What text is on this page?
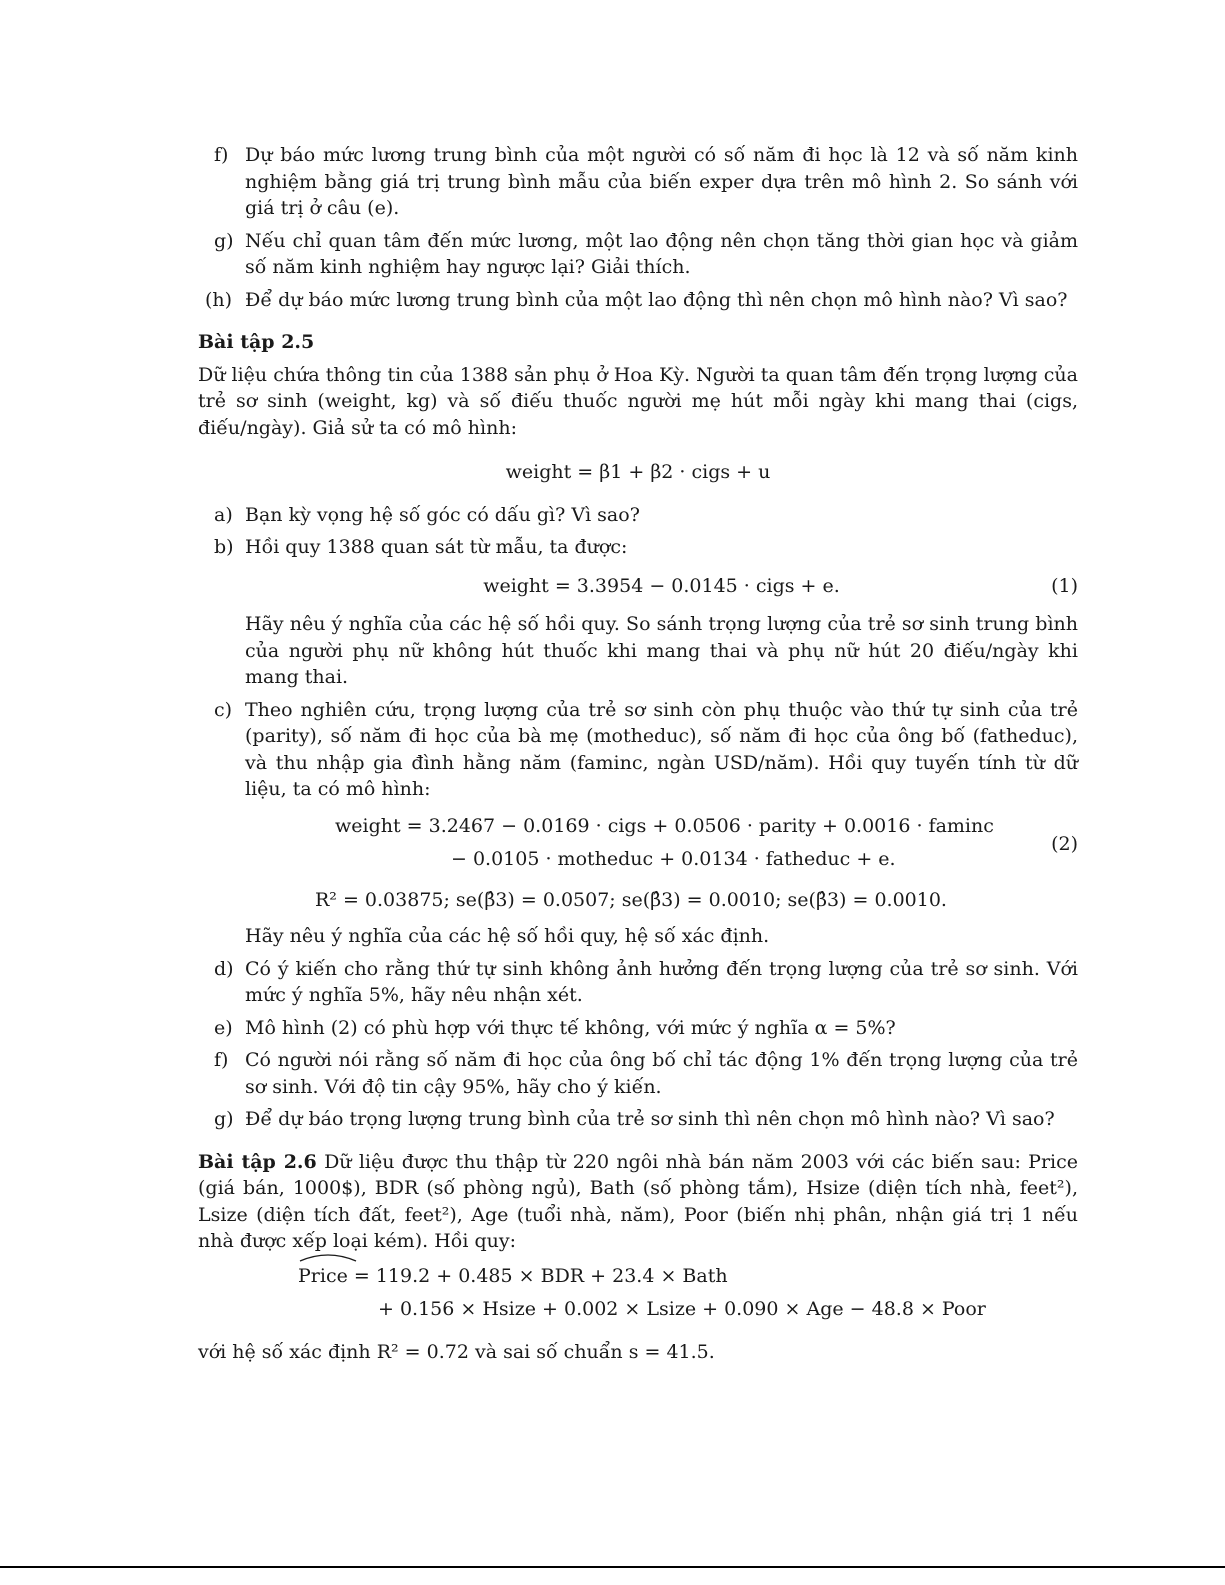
f) Dự báo mức lương trung bình của một người có số năm đi học là 12 và số năm kinh nghiệm bằng giá trị trung bình mẫu của biến exper dựa trên mô hình 2. So sánh với giá trị ở câu (e).
g) Nếu chỉ quan tâm đến mức lương, một lao động nên chọn tăng thời gian học và giảm số năm kinh nghiệm hay ngược lại? Giải thích.
(h) Để dự báo mức lương trung bình của một lao động thì nên chọn mô hình nào? Vì sao?

Bài tập 2.5

Dữ liệu chứa thông tin của 1388 sản phụ ở Hoa Kỳ. Người ta quan tâm đến trọng lượng của trẻ sơ sinh (weight, kg) và số điếu thuốc người mẹ hút mỗi ngày khi mang thai (cigs, điếu/ngày). Giả sử ta có mô hình:

weight = β1 + β2 · cigs + u
a) Bạn kỳ vọng hệ số góc có dấu gì? Vì sao?
b) Hồi quy 1388 quan sát từ mẫu, ta được:
weight = 3.3954 − 0.0145 · cigs + e.	(1)
Hãy nêu ý nghĩa của các hệ số hồi quy. So sánh trọng lượng của trẻ sơ sinh trung bình của người phụ nữ không hút thuốc khi mang thai và phụ nữ hút 20 điếu/ngày khi mang thai.
c) Theo nghiên cứu, trọng lượng của trẻ sơ sinh còn phụ thuộc vào thứ tự sinh của trẻ (parity), số năm đi học của bà mẹ (motheduc), số năm đi học của ông bố (fatheduc), và thu nhập gia đình hằng năm (faminc, ngàn USD/năm). Hồi quy tuyến tính từ dữ liệu, ta có mô hình:
weight = 3.2467 − 0.0169 · cigs + 0.0506 · parity + 0.0016 · faminc
− 0.0105 · motheduc + 0.0134 · fatheduc + e.
(2)
R² = 0.03875; se(β̂3) = 0.0507; se(β̂3) = 0.0010; se(β̂3) = 0.0010.
Hãy nêu ý nghĩa của các hệ số hồi quy, hệ số xác định.
d) Có ý kiến cho rằng thứ tự sinh không ảnh hưởng đến trọng lượng của trẻ sơ sinh. Với mức ý nghĩa 5%, hãy nêu nhận xét.
e) Mô hình (2) có phù hợp với thực tế không, với mức ý nghĩa α = 5%?
f) Có người nói rằng số năm đi học của ông bố chỉ tác động 1% đến trọng lượng của trẻ sơ sinh. Với độ tin cậy 95%, hãy cho ý kiến.
g) Để dự báo trọng lượng trung bình của trẻ sơ sinh thì nên chọn mô hình nào? Vì sao?

Bài tập 2.6 Dữ liệu được thu thập từ 220 ngôi nhà bán năm 2003 với các biến sau: Price (giá bán, 1000$), BDR (số phòng ngủ), Bath (số phòng tắm), Hsize (diện tích nhà, feet²), Lsize (diện tích đất, feet²), Age (tuổi nhà, năm), Poor (biến nhị phân, nhận giá trị 1 nếu nhà được xếp loại kém). Hồi quy:

Price = 119.2 + 0.485 × BDR + 23.4 × Bath
+ 0.156 × Hsize + 0.002 × Lsize + 0.090 × Age − 48.8 × Poor

với hệ số xác định R² = 0.72 và sai số chuẩn s = 41.5.
